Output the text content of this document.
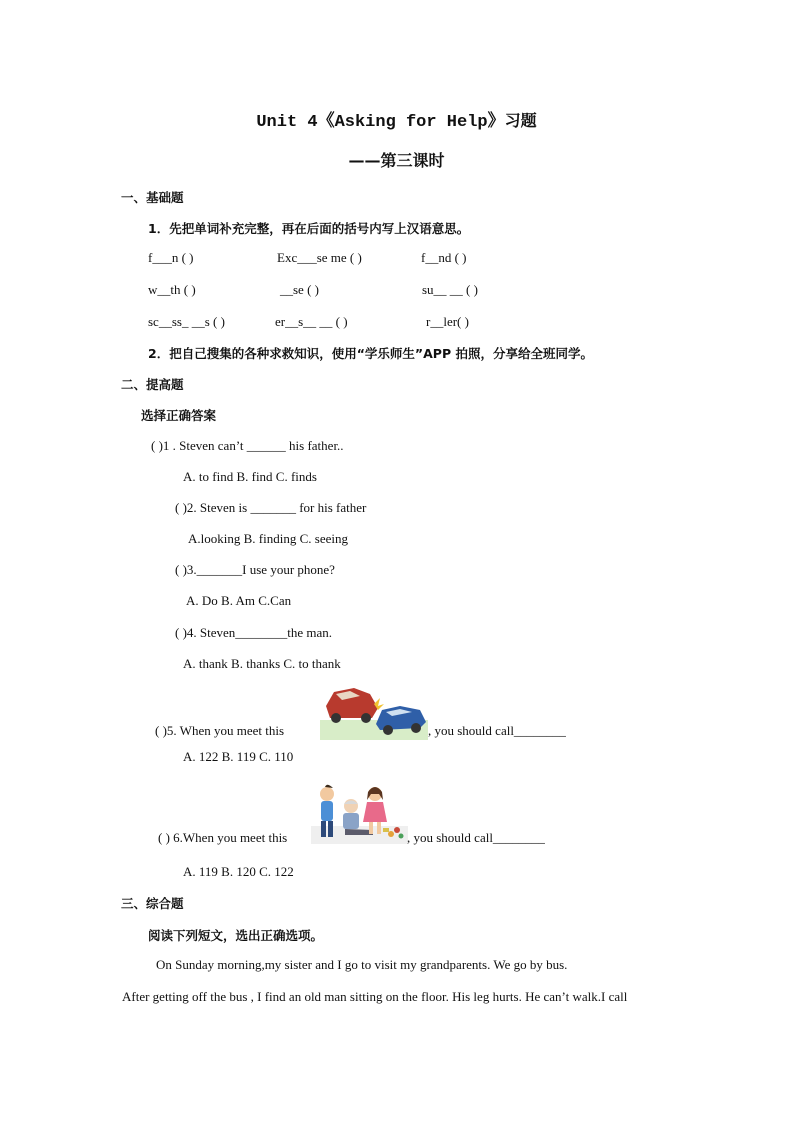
Unit 4《Asking for Help》习题
——第三课时
一、基础题
1．先把单词补充完整，再在后面的括号内写上汉语意思。
f___n ( )	Exc___se me ( )	f__nd ( )
w__th ( )	__se ( )	su__ __ ( )
sc__ss_ __s ( )	er__s__ __ ( )	r__ler( )
2．把自己搜集的各种求救知识，使用“学乐师生”APP 拍照，分享给全班同学。
二、提高题
选择正确答案
( )1 . Steven can’t ______ his father..
A. to find B. find C. finds
( )2. Steven is _______ for his father
A.looking B. finding C. seeing
( )3._______I use your phone?
A. Do B. Am C.Can
( )4. Steven________the man.
A. thank B. thanks C. to thank
( )5. When you meet this	, you should call________
A. 122 B. 119 C. 110
( ) 6.When you meet this	, you should call________
A. 119 B. 120 C. 122
三、综合题
阅读下列短文，选出正确选项。
On Sunday morning,my sister and I go to visit my grandparents. We go by bus.
After getting off the bus , I find an old man sitting on the floor. His leg hurts. He can’t walk.I call
